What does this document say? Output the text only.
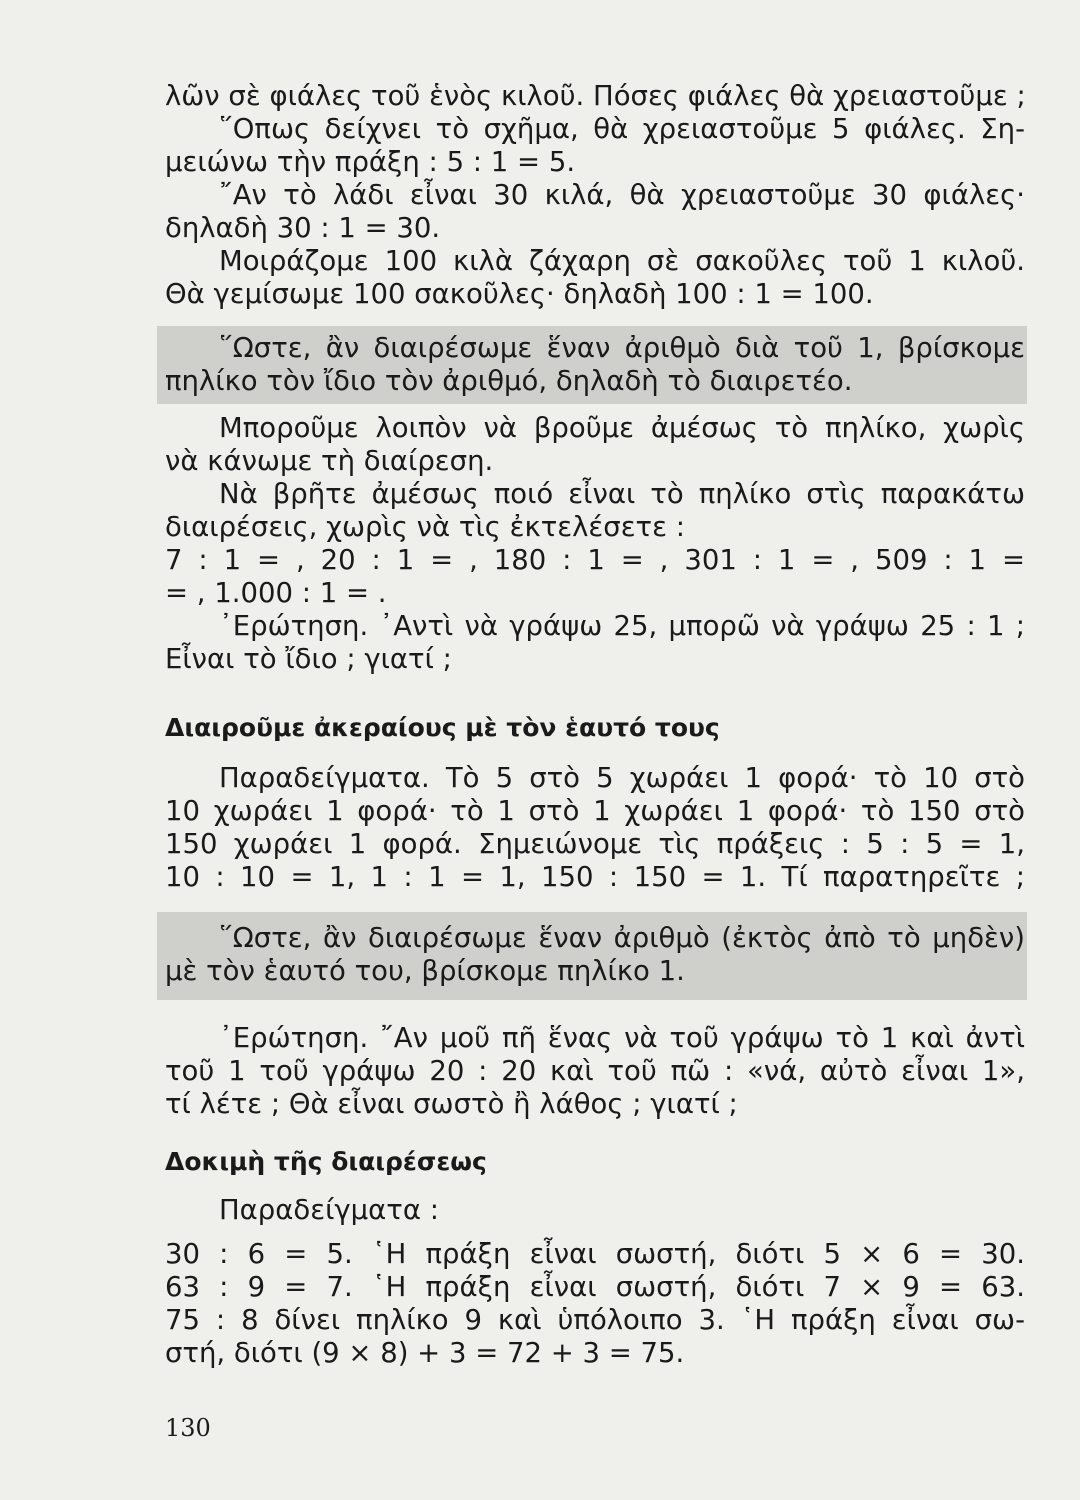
λῶν σὲ φιάλες τοῦ ἑνὸς κιλοῦ. Πόσες φιάλες θὰ χρειαστοῦμε ;
῞Οπως δείχνει τὸ σχῆμα, θὰ χρειαστοῦμε 5 φιάλες. Ση-
μειώνω τὴν πράξη : 5 : 1 = 5.
῎Αν τὸ λάδι εἶναι 30 κιλά, θὰ χρειαστοῦμε 30 φιάλες·
δηλαδὴ 30 : 1 = 30.
Μοιράζομε 100 κιλὰ ζάχαρη σὲ σακοῦλες τοῦ 1 κιλοῦ.
Θὰ γεμίσωμε 100 σακοῦλες· δηλαδὴ 100 : 1 = 100.
῞Ωστε, ἂν διαιρέσωμε ἕναν ἀριθμὸ διὰ τοῦ 1, βρίσκομε
πηλίκο τὸν ἴδιο τὸν ἀριθμό, δηλαδὴ τὸ διαιρετέο.
Μποροῦμε λοιπὸν νὰ βροῦμε ἀμέσως τὸ πηλίκο, χωρὶς
νὰ κάνωμε τὴ διαίρεση.
Νὰ βρῆτε ἀμέσως ποιό εἶναι τὸ πηλίκο στὶς παρακάτω
διαιρέσεις, χωρὶς νὰ τὶς ἐκτελέσετε :
7 : 1 = , 20 : 1 = , 180 : 1 = , 301 : 1 = , 509 : 1 =
= , 1.000 : 1 = .
᾿Ερώτηση. ᾿Αντὶ νὰ γράψω 25, μπορῶ νὰ γράψω 25 : 1 ;
Εἶναι τὸ ἴδιο ; γιατί ;
Διαιροῦμε ἀκεραίους μὲ τὸν ἑαυτό τους
Παραδείγματα. Τὸ 5 στὸ 5 χωράει 1 φορά· τὸ 10 στὸ
10 χωράει 1 φορά· τὸ 1 στὸ 1 χωράει 1 φορά· τὸ 150 στὸ
150 χωράει 1 φορά. Σημειώνομε τὶς πράξεις : 5 : 5 = 1,
10 : 10 = 1, 1 : 1 = 1, 150 : 150 = 1. Τί παρατηρεῖτε ;
῞Ωστε, ἂν διαιρέσωμε ἕναν ἀριθμὸ (ἐκτὸς ἀπὸ τὸ μηδὲν)
μὲ τὸν ἑαυτό του, βρίσκομε πηλίκο 1.
᾿Ερώτηση. ῎Αν μοῦ πῆ ἕνας νὰ τοῦ γράψω τὸ 1 καὶ ἀντὶ
τοῦ 1 τοῦ γράψω 20 : 20 καὶ τοῦ πῶ : «νά, αὐτὸ εἶναι 1»,
τί λέτε ; Θὰ εἶναι σωστὸ ἢ λάθος ; γιατί ;
Δοκιμὴ τῆς διαιρέσεως
Παραδείγματα :
30 : 6 = 5. ῾Η πράξη εἶναι σωστή, διότι 5 × 6 = 30.
63 : 9 = 7. ῾Η πράξη εἶναι σωστή, διότι 7 × 9 = 63.
75 : 8 δίνει πηλίκο 9 καὶ ὑπόλοιπο 3. ῾Η πράξη εἶναι σω-
στή, διότι (9 × 8) + 3 = 72 + 3 = 75.
130
